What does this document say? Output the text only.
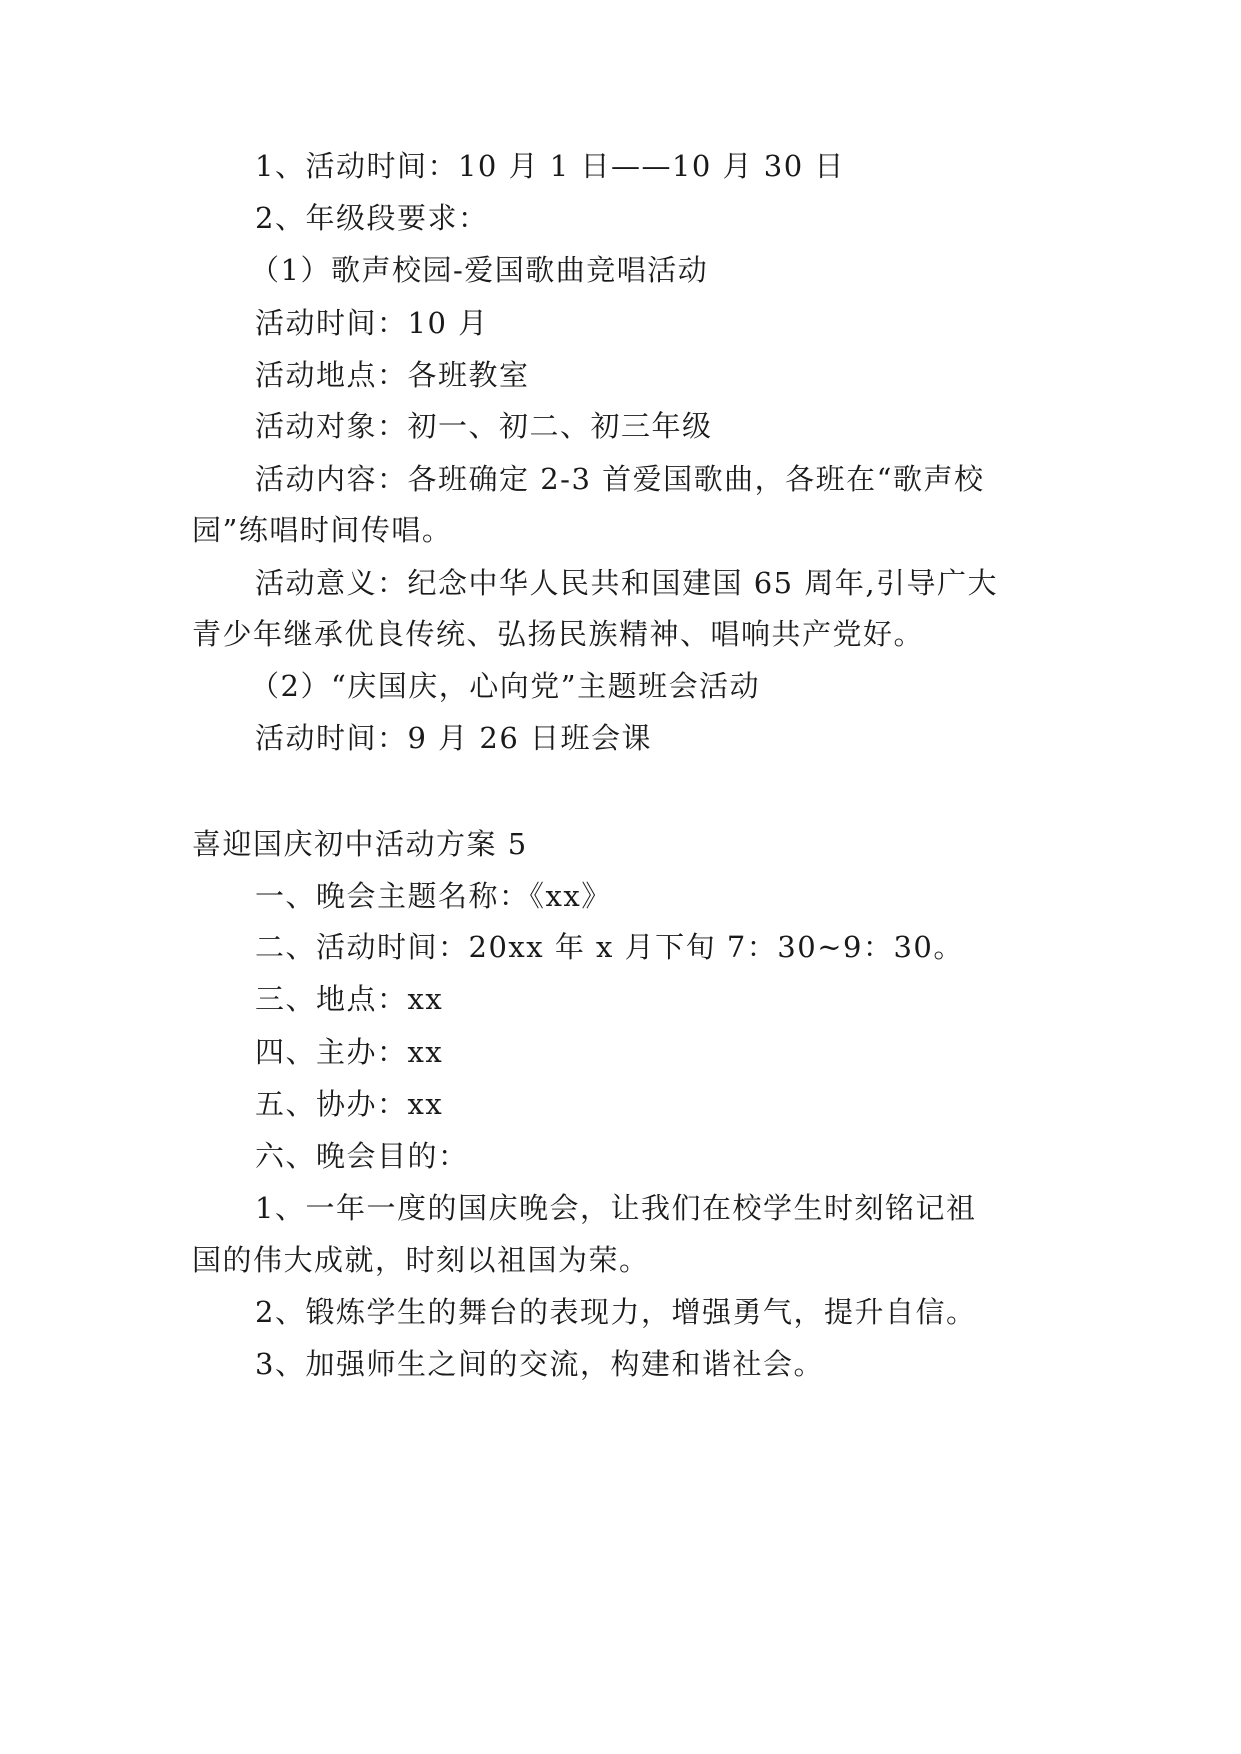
1、活动时间：10 月 1 日——10 月 30 日
2、年级段要求：
（1）歌声校园-爱国歌曲竞唱活动
活动时间：10 月
活动地点：各班教室
活动对象：初一、初二、初三年级
活动内容：各班确定 2-3 首爱国歌曲，各班在“歌声校
园”练唱时间传唱。
活动意义：纪念中华人民共和国建国 65 周年,引导广大
青少年继承优良传统、弘扬民族精神、唱响共产党好。
（2）“庆国庆，心向党”主题班会活动
活动时间：9 月 26 日班会课
喜迎国庆初中活动方案 5
一、晚会主题名称：《xx》
二、活动时间：20xx 年 x 月下旬 7：30~9：30。
三、地点：xx
四、主办：xx
五、协办：xx
六、晚会目的：
1、一年一度的国庆晚会，让我们在校学生时刻铭记祖
国的伟大成就，时刻以祖国为荣。
2、锻炼学生的舞台的表现力，增强勇气，提升自信。
3、加强师生之间的交流，构建和谐社会。
